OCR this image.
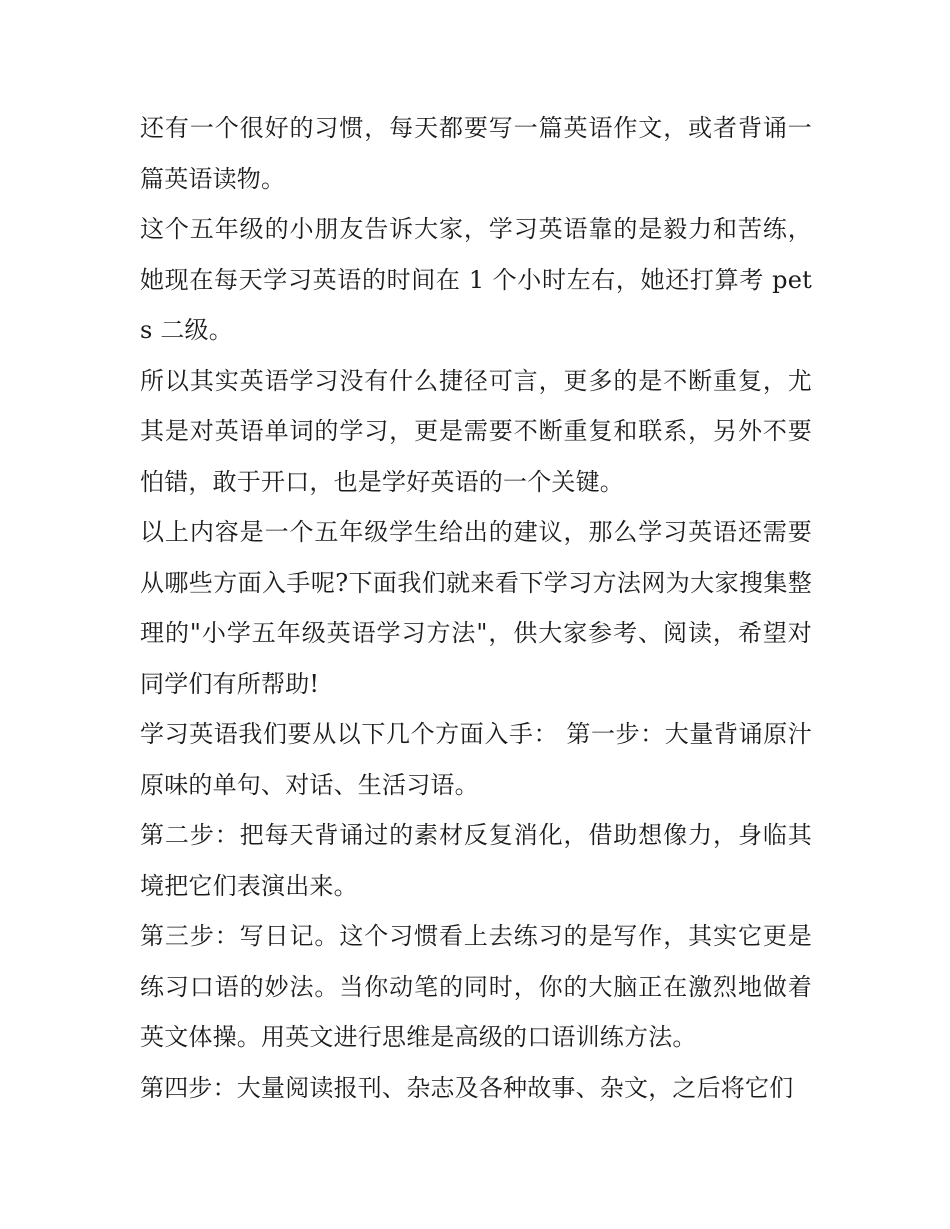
还有一个很好的习惯，每天都要写一篇英语作文，或者背诵一篇英语读物。

这个五年级的小朋友告诉大家，学习英语靠的是毅力和苦练，她现在每天学习英语的时间在 1 个小时左右，她还打算考 pets 二级。

所以其实英语学习没有什么捷径可言，更多的是不断重复，尤其是对英语单词的学习，更是需要不断重复和联系，另外不要怕错，敢于开口，也是学好英语的一个关键。

以上内容是一个五年级学生给出的建议，那么学习英语还需要从哪些方面入手呢?下面我们就来看下学习方法网为大家搜集整理的"小学五年级英语学习方法"，供大家参考、阅读，希望对同学们有所帮助!

学习英语我们要从以下几个方面入手： 第一步：大量背诵原汁原味的单句、对话、生活习语。

第二步：把每天背诵过的素材反复消化，借助想像力，身临其境把它们表演出来。

第三步：写日记。这个习惯看上去练习的是写作，其实它更是练习口语的妙法。当你动笔的同时，你的大脑正在激烈地做着英文体操。用英文进行思维是高级的口语训练方法。

第四步：大量阅读报刊、杂志及各种故事、杂文，之后将它们
